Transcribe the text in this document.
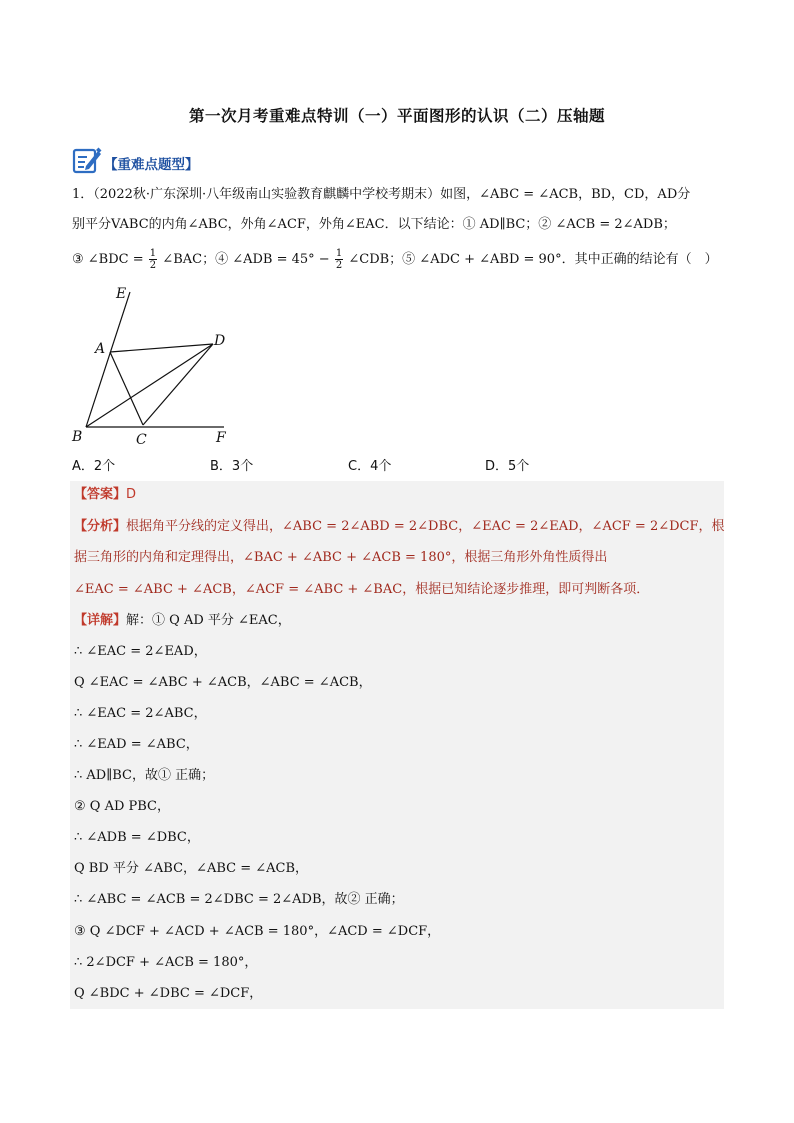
第一次月考重难点特训（一）平面图形的认识（二）压轴题
【重难点题型】
1．（2022秋·广东深圳·八年级南山实验教育麒麟中学校考期末）如图，∠ABC = ∠ACB，BD，CD，AD分
别平分VABC的内角∠ABC，外角∠ACF，外角∠EAC．以下结论：① AD∥BC；② ∠ACB = 2∠ADB；
③ ∠BDC = $\frac{1}{2}$ ∠BAC；④ ∠ADB = $45^\circ - \frac{1}{2}$ ∠CDB；⑤ ∠ADC + ∠ABD = 90°．其中正确的结论有（　）
E
A	D
B	C	F
A．2个	B．3个	C．4个	D．5个
【答案】D
【分析】根据角平分线的定义得出，∠ABC = 2∠ABD = 2∠DBC，∠EAC = 2∠EAD，∠ACF = 2∠DCF，根
据三角形的内角和定理得出，∠BAC + ∠ABC + ∠ACB = 180°，根据三角形外角性质得出
∠EAC = ∠ABC + ∠ACB，∠ACF = ∠ABC + ∠BAC，根据已知结论逐步推理，即可判断各项．
【详解】解：① Q AD 平分 ∠EAC，
∴ ∠EAC = 2∠EAD，
Q ∠EAC = ∠ABC + ∠ACB，∠ABC = ∠ACB，
∴ ∠EAC = 2∠ABC，
∴ ∠EAD = ∠ABC，
∴ AD∥BC，故① 正确；
② Q AD PBC，
∴ ∠ADB = ∠DBC，
Q BD 平分 ∠ABC，∠ABC = ∠ACB，
∴ ∠ABC = ∠ACB = 2∠DBC = 2∠ADB，故② 正确；
③ Q ∠DCF + ∠ACD + ∠ACB = 180°，∠ACD = ∠DCF，
∴ 2∠DCF + ∠ACB = 180°，
Q ∠BDC + ∠DBC = ∠DCF，
